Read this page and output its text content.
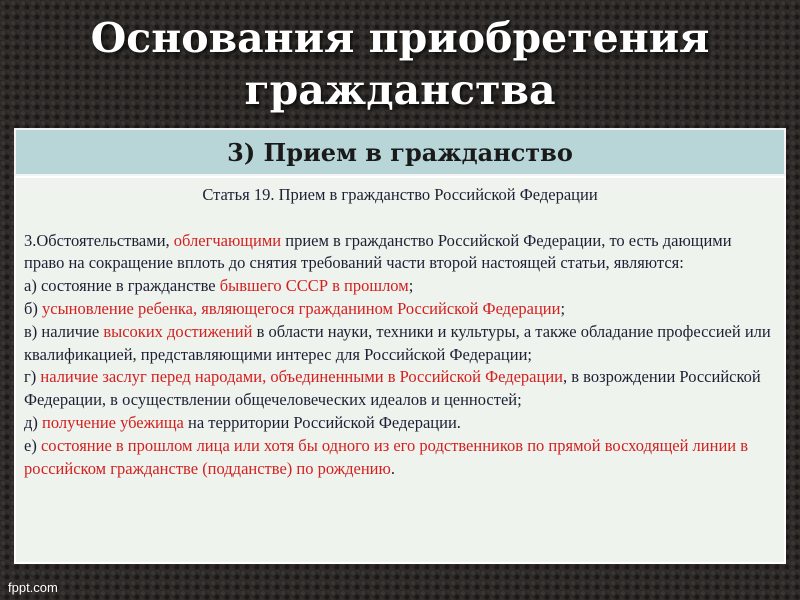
Основания приобретения
гражданства
3) Прием в гражданство
Статья 19. Прием в гражданство Российской Федерации
3.Обстоятельствами, облегчающими прием в гражданство Российской Федерации, то есть дающими право на сокращение вплоть до снятия требований части второй настоящей статьи, являются:
а) состояние в гражданстве бывшего СССР в прошлом;
б) усыновление ребенка, являющегося гражданином Российской Федерации;
в) наличие высоких достижений в области науки, техники и культуры, а также обладание профессией или квалификацией, представляющими интерес для Российской Федерации;
г) наличие заслуг перед народами, объединенными в Российской Федерации, в возрождении Российской Федерации, в осуществлении общечеловеческих идеалов и ценностей;
д) получение убежища на территории Российской Федерации.
е) состояние в прошлом лица или хотя бы одного из его родственников по прямой восходящей линии в российском гражданстве (подданстве) по рождению.
fppt.com
